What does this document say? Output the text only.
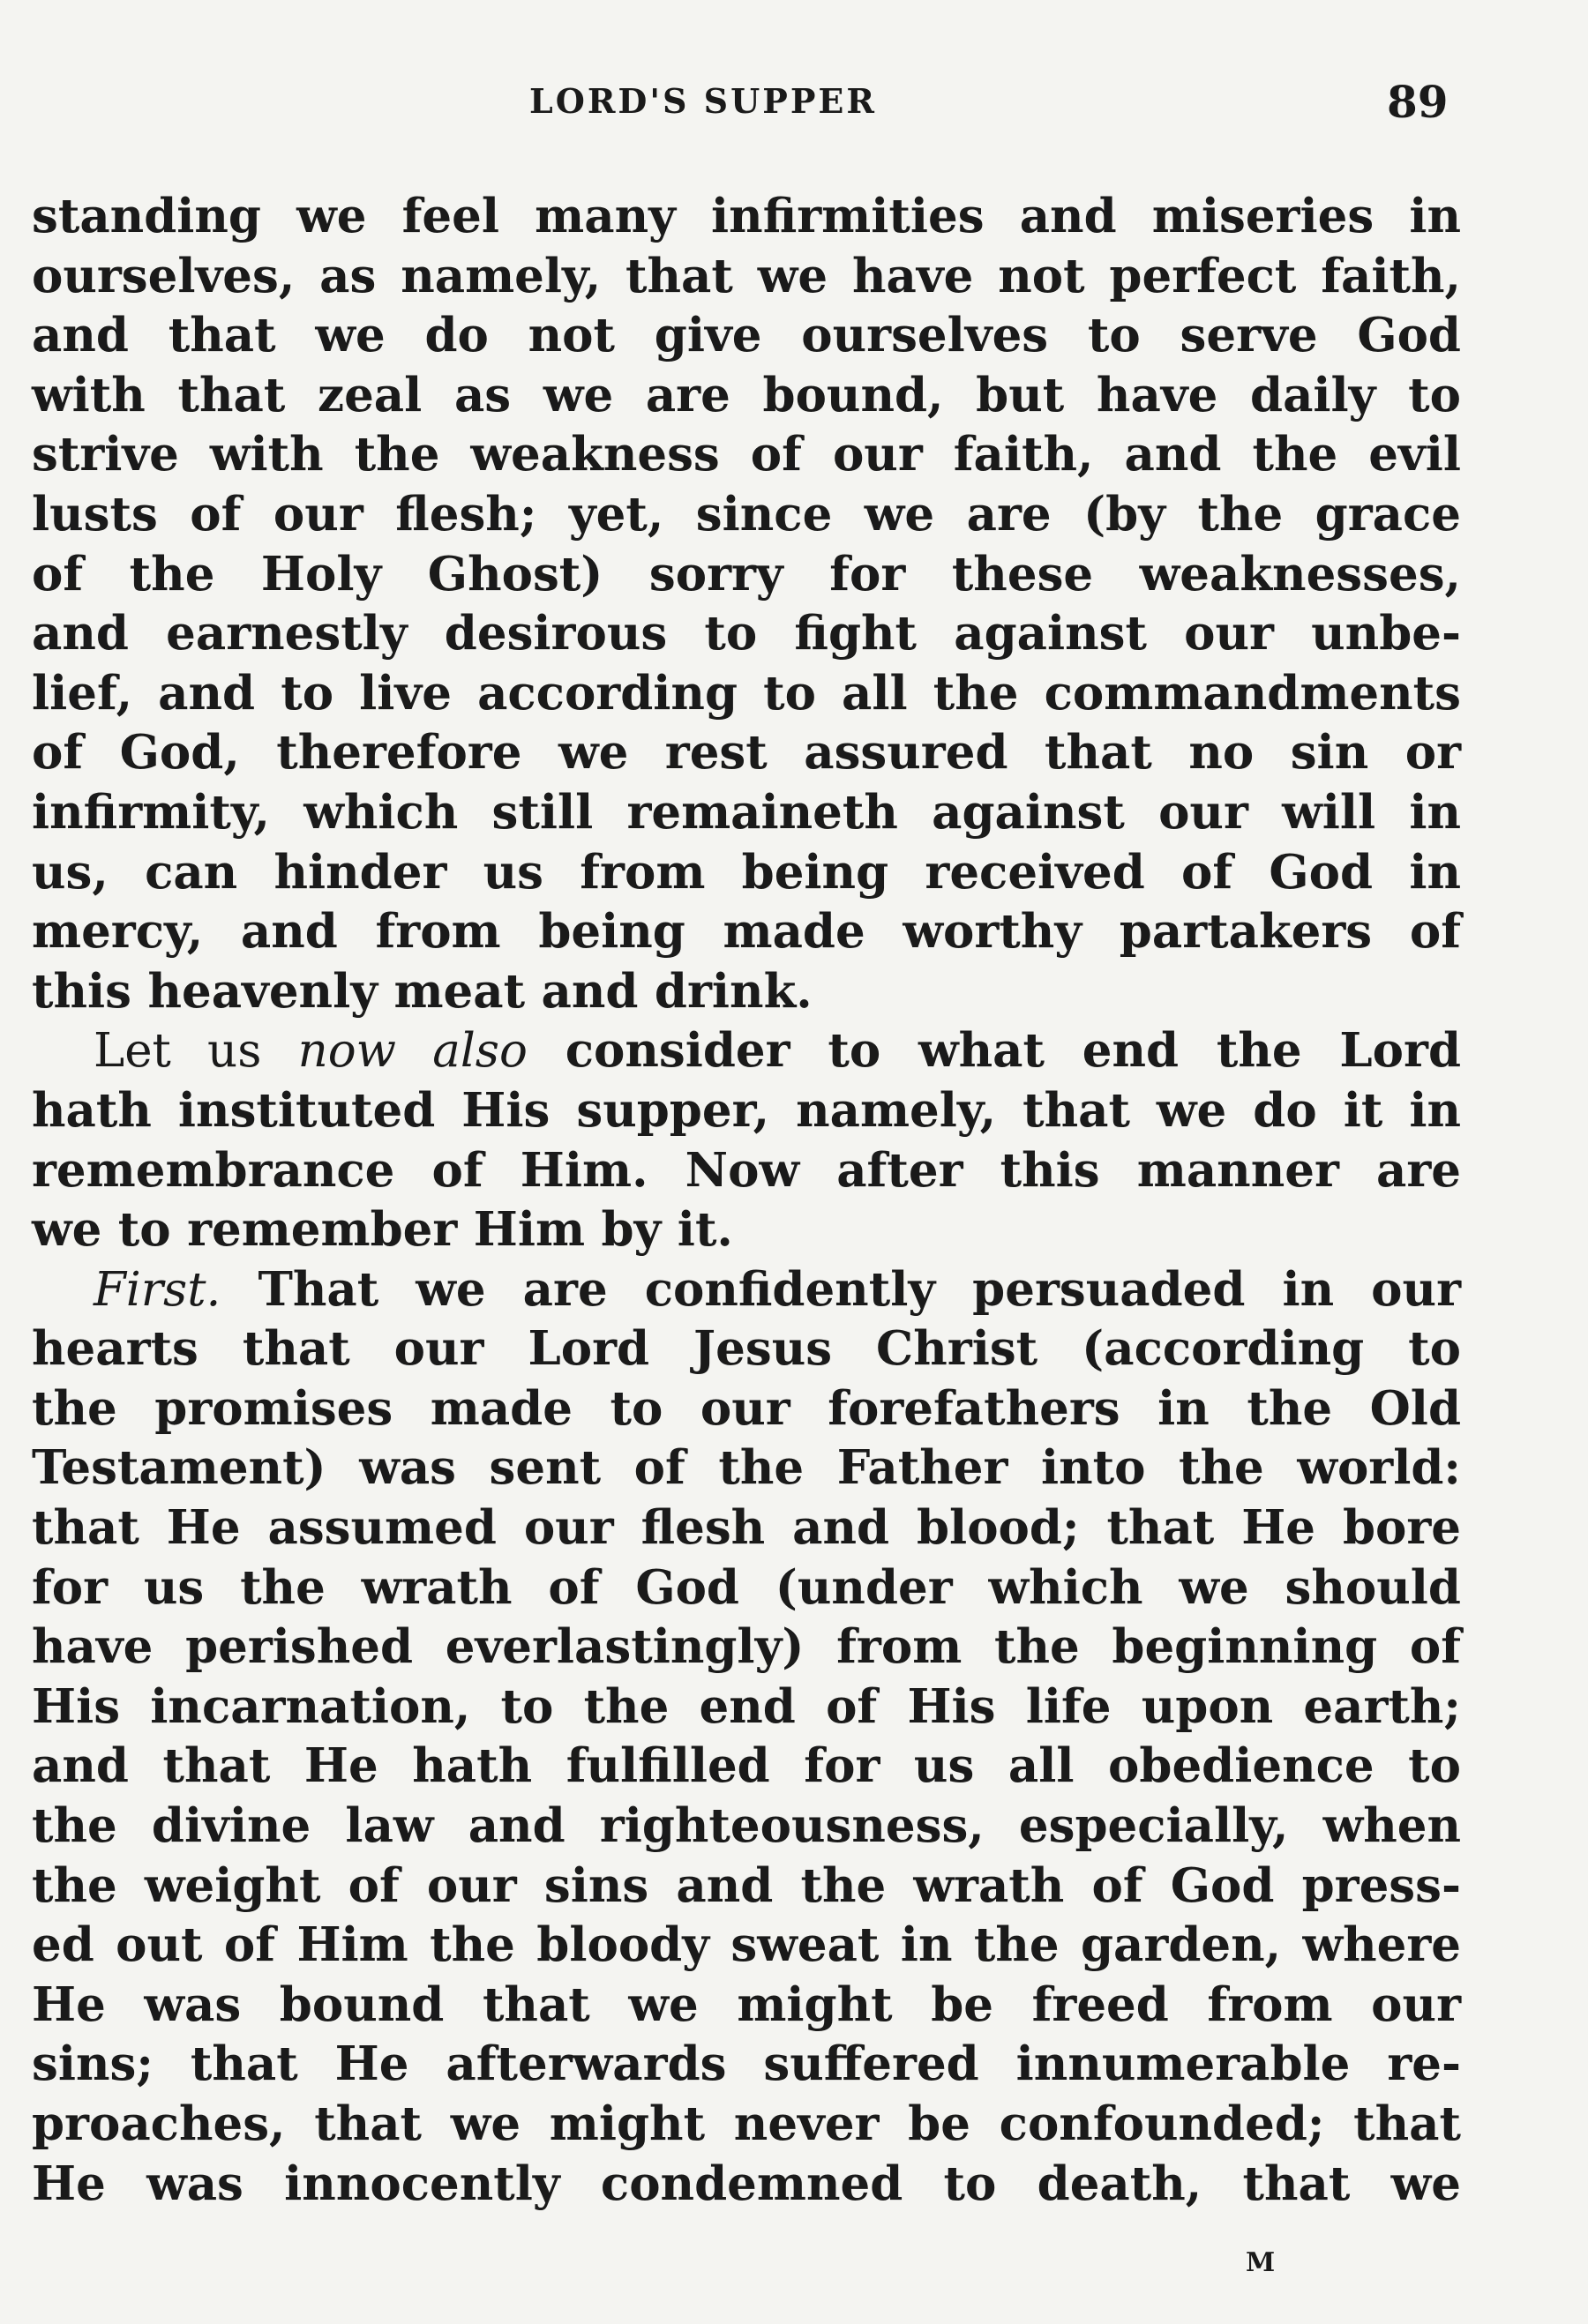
LORD'S SUPPER	89
standing we feel many infirmities and miseries in
ourselves, as namely, that we have not perfect faith,
and that we do not give ourselves to serve God
with that zeal as we are bound, but have daily to
strive with the weakness of our faith, and the evil
lusts of our flesh; yet, since we are (by the grace
of the Holy Ghost) sorry for these weaknesses,
and earnestly desirous to fight against our unbe-
lief, and to live according to all the commandments
of God, therefore we rest assured that no sin or
infirmity, which still remaineth against our will in
us, can hinder us from being received of God in
mercy, and from being made worthy partakers of
this heavenly meat and drink.
Let us now also consider to what end the Lord
hath instituted His supper, namely, that we do it in
remembrance of Him. Now after this manner are
we to remember Him by it.
First. That we are confidently persuaded in our
hearts that our Lord Jesus Christ (according to
the promises made to our forefathers in the Old
Testament) was sent of the Father into the world:
that He assumed our flesh and blood; that He bore
for us the wrath of God (under which we should
have perished everlastingly) from the beginning of
His incarnation, to the end of His life upon earth;
and that He hath fulfilled for us all obedience to
the divine law and righteousness, especially, when
the weight of our sins and the wrath of God press-
ed out of Him the bloody sweat in the garden, where
He was bound that we might be freed from our
sins; that He afterwards suffered innumerable re-
proaches, that we might never be confounded; that
He was innocently condemned to death, that we
M
